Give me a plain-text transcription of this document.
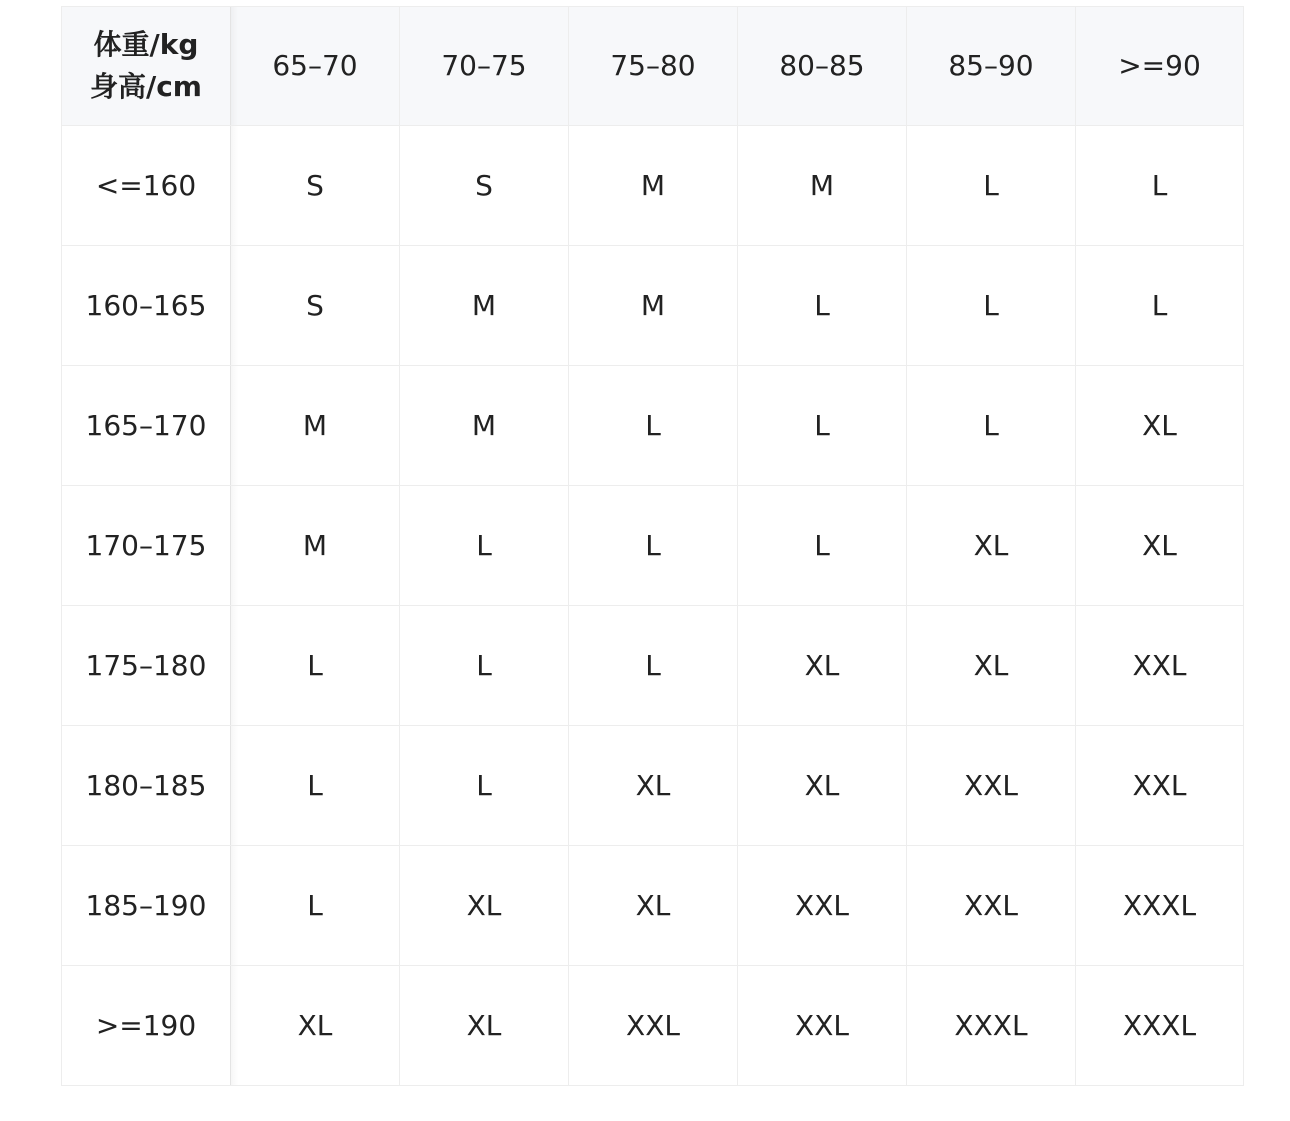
体重/kg
身高/cm	65–70	70–75	75–80	80–85	85–90	>=90
<=160	S	S	M	M	L	L
160–165	S	M	M	L	L	L
165–170	M	M	L	L	L	XL
170–175	M	L	L	L	XL	XL
175–180	L	L	L	XL	XL	XXL
180–185	L	L	XL	XL	XXL	XXL
185–190	L	XL	XL	XXL	XXL	XXXL
>=190	XL	XL	XXL	XXL	XXXL	XXXL
